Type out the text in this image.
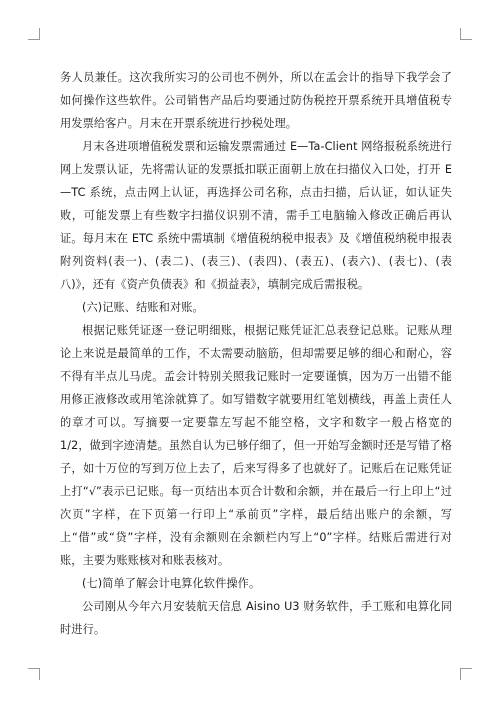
务人员兼任。这次我所实习的公司也不例外，所以在孟会计的指导下我学会了如何操作这些软件。公司销售产品后均要通过防伪税控开票系统开具增值税专用发票给客户。月末在开票系统进行抄税处理。

月末各进项增值税发票和运输发票需通过 E—Ta-Client 网络报税系统进行网上发票认证，先将需认证的发票抵扣联正面朝上放在扫描仪入口处，打开 E—TC 系统，点击网上认证，再选择公司名称，点击扫描，后认证，如认证失败，可能发票上有些数字扫描仪识别不清，需手工电脑输入修改正确后再认证。每月末在 ETC 系统中需填制《增值税纳税申报表》及《增值税纳税申报表附列资料(表一)、(表二)、(表三)、(表四)、(表五)、(表六)、(表七)、(表八)》，还有《资产负债表》和《损益表》，填制完成后需报税。

(六)记账、结账和对账。

根据记账凭证逐一登记明细账，根据记账凭证汇总表登记总账。记账从理论上来说是最简单的工作，不太需要动脑筋，但却需要足够的细心和耐心，容不得有半点儿马虎。孟会计特别关照我记账时一定要谨慎，因为万一出错不能用修正液修改或用笔涂就算了。如写错数字就要用红笔划横线，再盖上责任人的章才可以。写摘要一定要靠左写起不能空格，文字和数字一般占格宽的 1/2，做到字迹清楚。虽然自认为已够仔细了，但一开始写金额时还是写错了格子，如十万位的写到万位上去了，后来写得多了也就好了。记账后在记账凭证上打“√”表示已记账。每一页结出本页合计数和余额，并在最后一行上印上“过次页”字样，在下页第一行印上“承前页”字样，最后结出账户的余额，写上“借”或“贷”字样，没有余额则在余额栏内写上“0”字样。结账后需进行对账，主要为账账核对和账表核对。

(七)简单了解会计电算化软件操作。

公司刚从今年六月安装航天信息 Aisino U3 财务软件，手工账和电算化同时进行。
